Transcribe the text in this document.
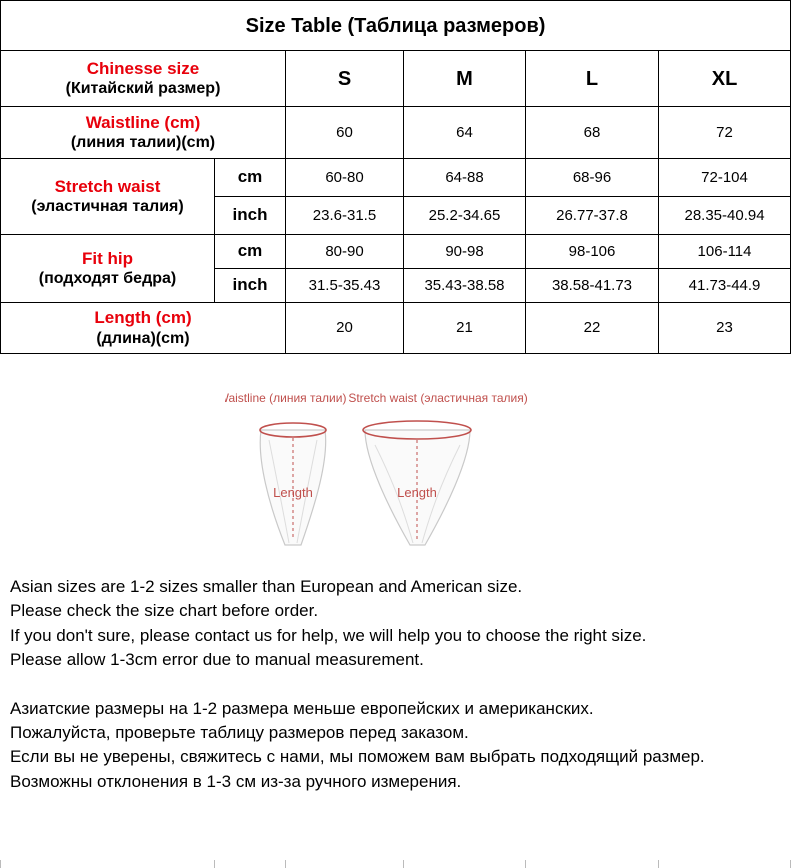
Size Table (Таблица размеров)					

Chinesse size
(Китайский размер)		S	M	L	XL

Waistline (cm)
(линия талии)(cm)		60	64	68	72

Stretch waist
(эластичная талия)	cm	60-80	64-88	68-96	72-104
	inch	23.6-31.5	25.2-34.65	26.77-37.8	28.35-40.94

Fit hip
(подходят бедра)	cm	80-90	90-98	98-106	106-114
	inch	31.5-35.43	35.43-38.58	38.58-41.73	41.73-44.9

Length (cm)
(длина)(cm)		20	21	22	23
Waistline (линия талии)
Length
Stretch waist (эластичная талия)
Length

Asian sizes are 1-2 sizes smaller than European and American size.

Please check the size chart before order.

If you don't sure, please contact us for help, we will help you to choose the right size.

Please allow 1-3cm error due to manual measurement.

Азиатские размеры на 1-2 размера меньше европейских и американских.

Пожалуйста, проверьте таблицу размеров перед заказом.

Если вы не уверены, свяжитесь с нами, мы поможем вам выбрать подходящий размер.

Возможны отклонения в 1-3 см из-за ручного измерения.
